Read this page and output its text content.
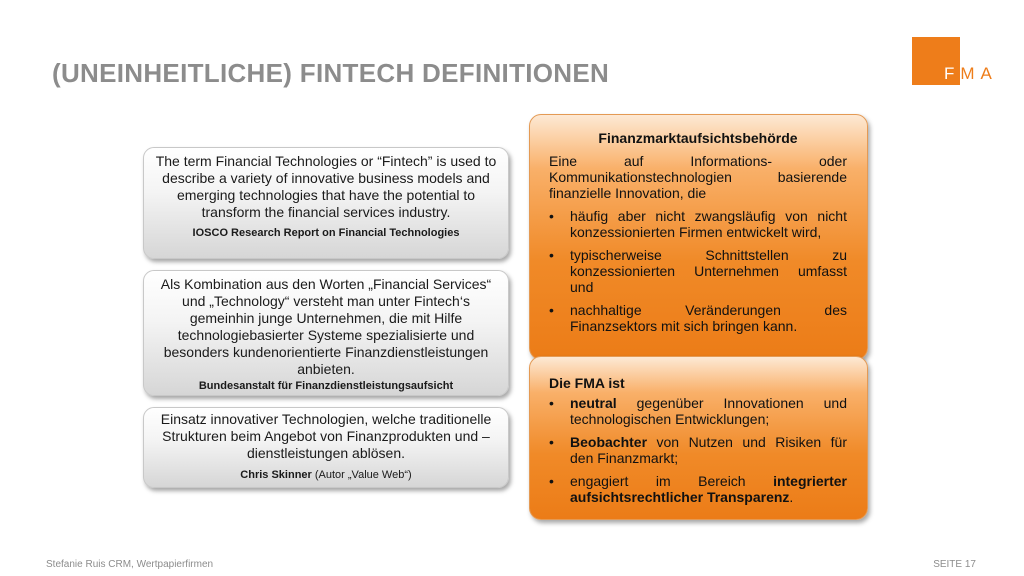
(UNEINHEITLICHE) FINTECH DEFINITIONEN	FMA
The term Financial Technologies or “Fintech” is used to describe a variety of innovative business models and emerging technologies that have the potential to transform the financial services industry.
IOSCO Research Report on Financial Technologies
Als Kombination aus den Worten „Financial Services“ und „Technology“ versteht man unter Fintech‘s gemeinhin junge Unternehmen, die mit Hilfe technologiebasierter Systeme spezialisierte und besonders kundenorientierte Finanzdienstleistungen anbieten.
Bundesanstalt für Finanzdienstleistungsaufsicht
Einsatz innovativer Technologien, welche traditionelle Strukturen beim Angebot von Finanzprodukten und –dienstleistungen ablösen.
Chris Skinner (Autor „Value Web“)
Finanzmarktaufsichtsbehörde
Eine auf Informations- oder
Kommunikationstechnologien basierende
finanzielle Innovation, die
• häufig aber nicht zwangsläufig von nicht
konzessionierten Firmen entwickelt wird,
• typischerweise Schnittstellen zu
konzessionierten Unternehmen umfasst
und
• nachhaltige Veränderungen des
Finanzsektors mit sich bringen kann.
Die FMA ist
• neutral gegenüber Innovationen und
technologischen Entwicklungen;
• Beobachter von Nutzen und Risiken für
den Finanzmarkt;
• engagiert im Bereich integrierter
aufsichtsrechtlicher Transparenz.
Stefanie Ruis CRM, Wertpapierfirmen	SEITE 17
